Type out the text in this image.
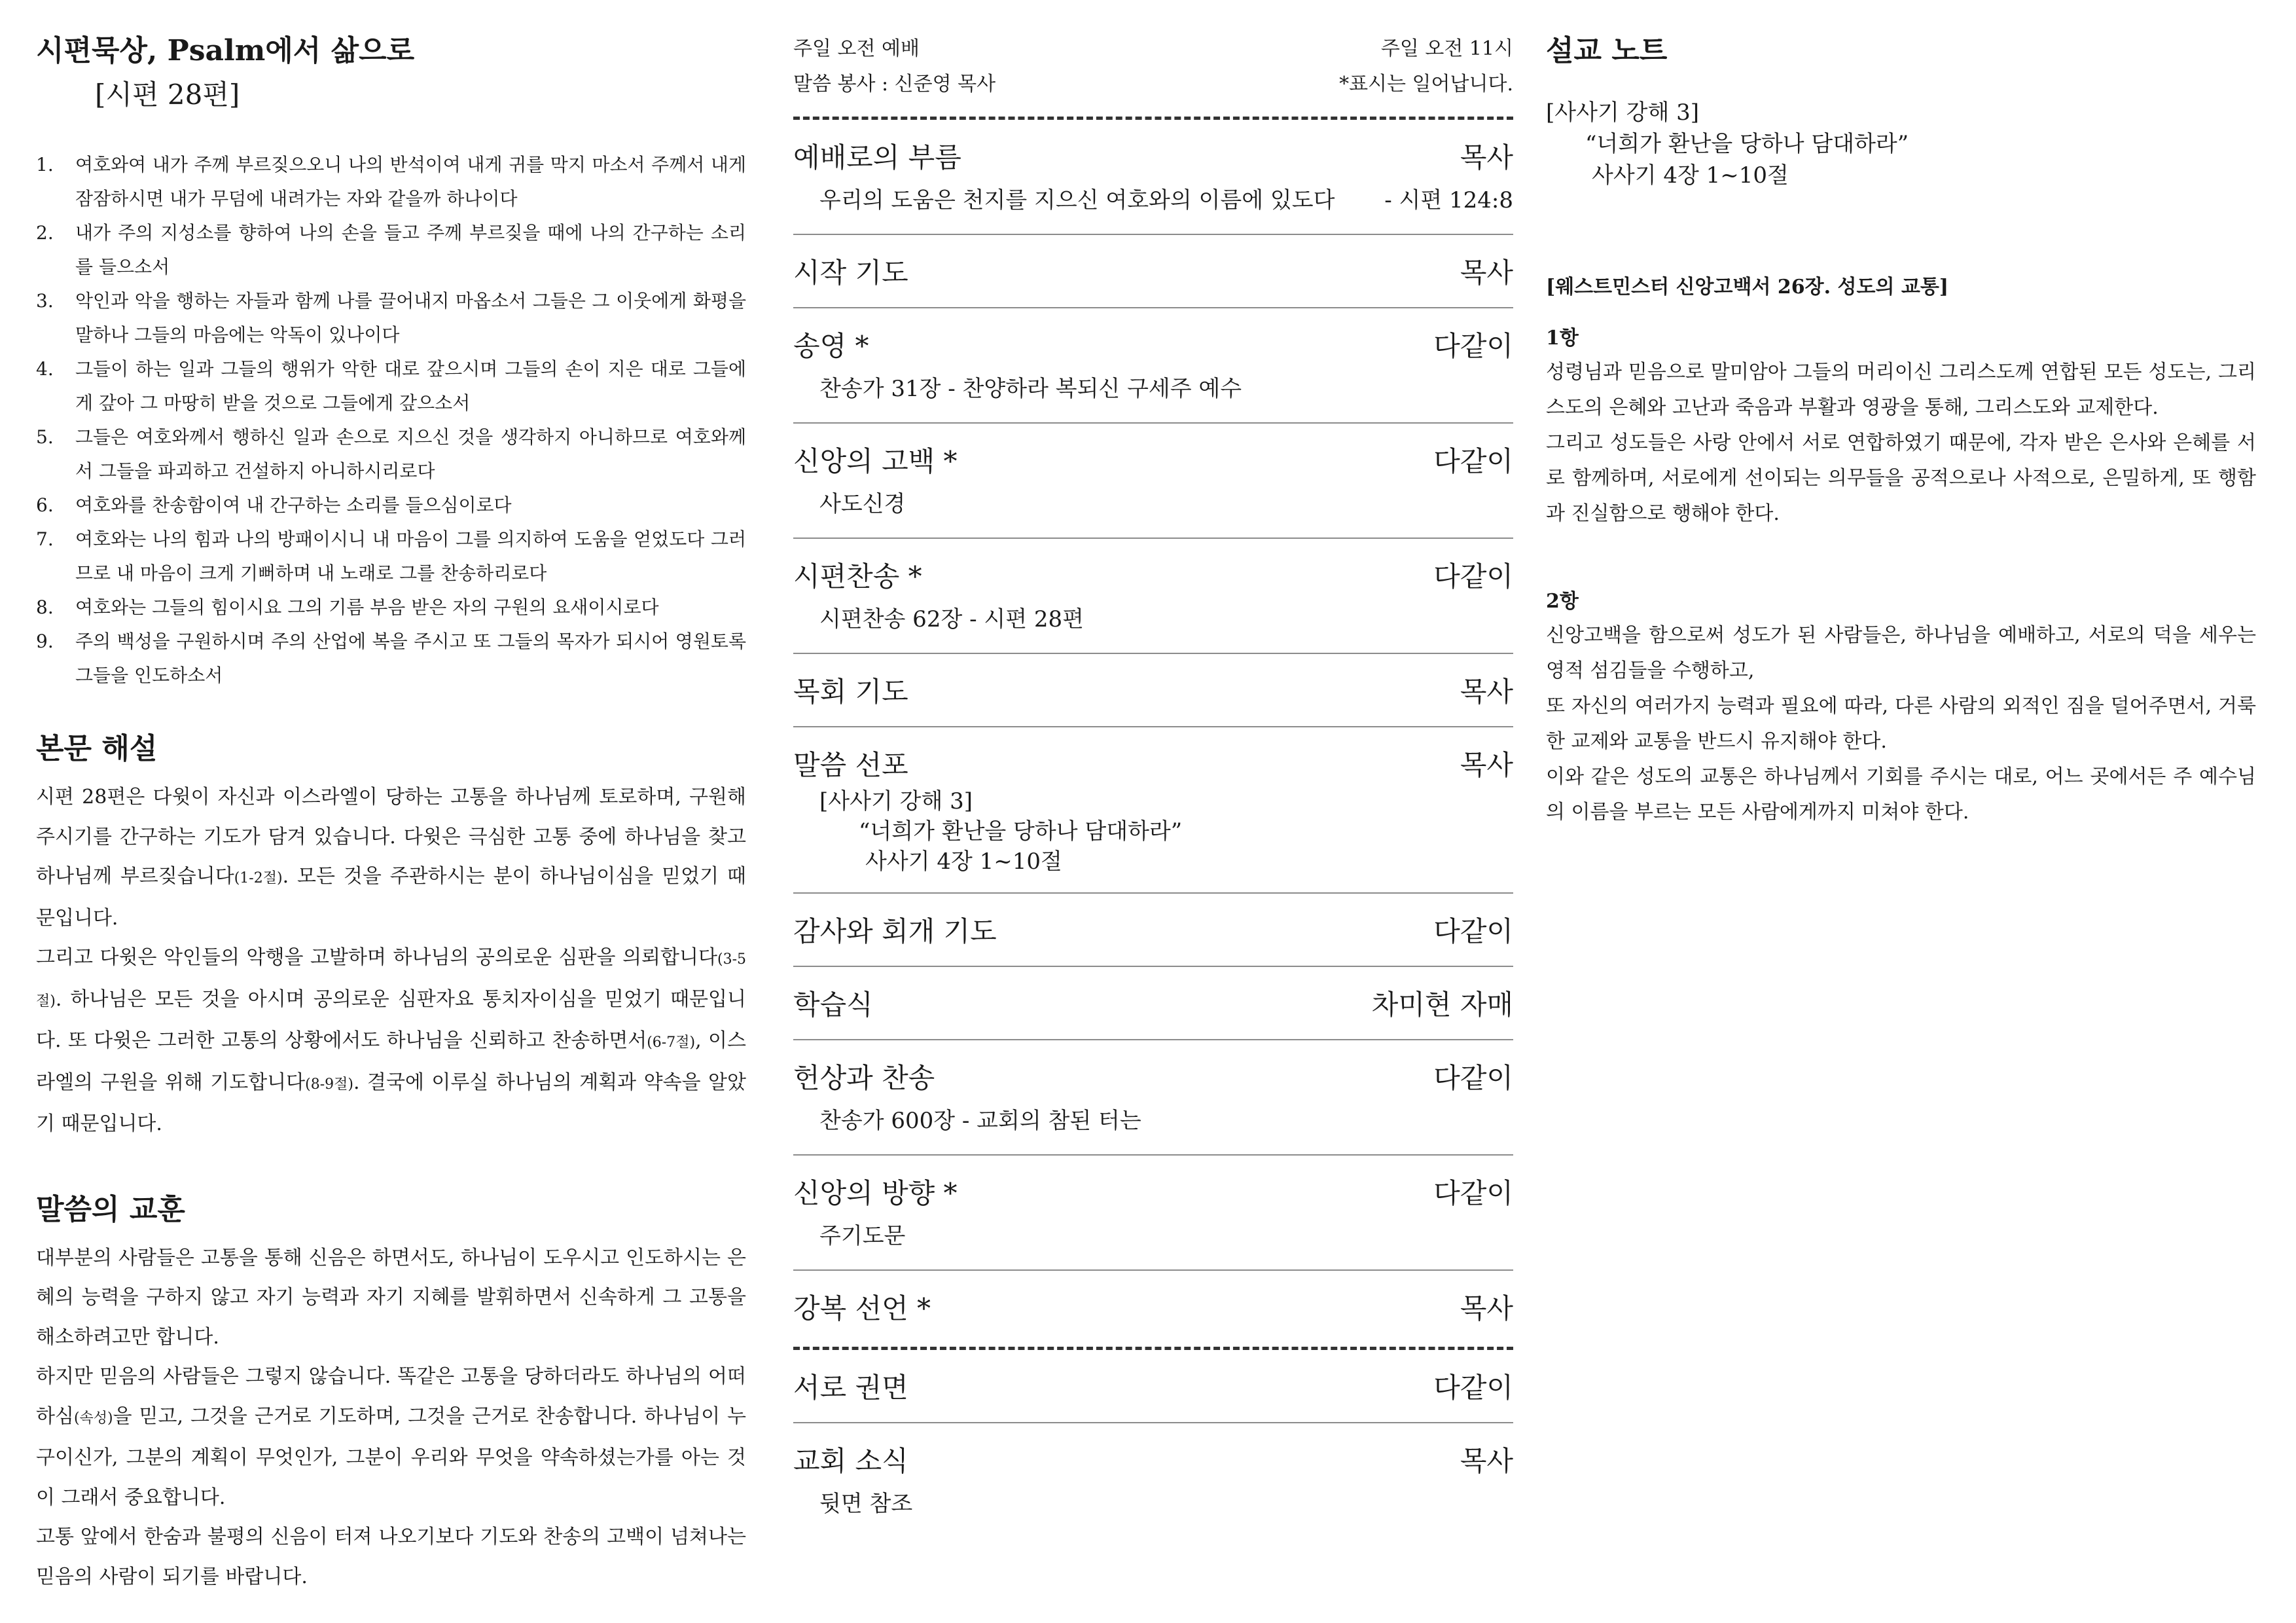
시편묵상, Psalm에서 삶으로
[시편 28편]
1. 여호와여 내가 주께 부르짖으오니 나의 반석이여 내게 귀를 막지 마소서 주께서 내게 잠잠하시면 내가 무덤에 내려가는 자와 같을까 하나이다
2. 내가 주의 지성소를 향하여 나의 손을 들고 주께 부르짖을 때에 나의 간구하는 소리를 들으소서
3. 악인과 악을 행하는 자들과 함께 나를 끌어내지 마옵소서 그들은 그 이웃에게 화평을 말하나 그들의 마음에는 악독이 있나이다
4. 그들이 하는 일과 그들의 행위가 악한 대로 갚으시며 그들의 손이 지은 대로 그들에게 갚아 그 마땅히 받을 것으로 그들에게 갚으소서
5. 그들은 여호와께서 행하신 일과 손으로 지으신 것을 생각하지 아니하므로 여호와께서 그들을 파괴하고 건설하지 아니하시리로다
6. 여호와를 찬송함이여 내 간구하는 소리를 들으심이로다
7. 여호와는 나의 힘과 나의 방패이시니 내 마음이 그를 의지하여 도움을 얻었도다 그러므로 내 마음이 크게 기뻐하며 내 노래로 그를 찬송하리로다
8. 여호와는 그들의 힘이시요 그의 기름 부음 받은 자의 구원의 요새이시로다
9. 주의 백성을 구원하시며 주의 산업에 복을 주시고 또 그들의 목자가 되시어 영원토록 그들을 인도하소서
본문 해설

시편 28편은 다윗이 자신과 이스라엘이 당하는 고통을 하나님께 토로하며, 구원해 주시기를 간구하는 기도가 담겨 있습니다. 다윗은 극심한 고통 중에 하나님을 찾고 하나님께 부르짖습니다(1-2절). 모든 것을 주관하시는 분이 하나님이심을 믿었기 때문입니다.

그리고 다윗은 악인들의 악행을 고발하며 하나님의 공의로운 심판을 의뢰합니다(3-5절). 하나님은 모든 것을 아시며 공의로운 심판자요 통치자이심을 믿었기 때문입니다. 또 다윗은 그러한 고통의 상황에서도 하나님을 신뢰하고 찬송하면서(6-7절), 이스라엘의 구원을 위해 기도합니다(8-9절). 결국에 이루실 하나님의 계획과 약속을 알았기 때문입니다.

말씀의 교훈

대부분의 사람들은 고통을 통해 신음은 하면서도, 하나님이 도우시고 인도하시는 은혜의 능력을 구하지 않고 자기 능력과 자기 지혜를 발휘하면서 신속하게 그 고통을 해소하려고만 합니다.

하지만 믿음의 사람들은 그렇지 않습니다. 똑같은 고통을 당하더라도 하나님의 어떠하심(속성)을 믿고, 그것을 근거로 기도하며, 그것을 근거로 찬송합니다. 하나님이 누구이신가, 그분의 계획이 무엇인가, 그분이 우리와 무엇을 약속하셨는가를 아는 것이 그래서 중요합니다.

고통 앞에서 한숨과 불평의 신음이 터져 나오기보다 기도와 찬송의 고백이 넘쳐나는 믿음의 사람이 되기를 바랍니다.

주일 오전 예배	주일 오전 11시
말씀 봉사 : 신준영 목사	*표시는 일어납니다.
예배로의 부름	목사
우리의 도움은 천지를 지으신 여호와의 이름에 있도다 - 시편 124:8
시작 기도	목사
송영 *	다같이
찬송가 31장 - 찬양하라 복되신 구세주 예수
신앙의 고백 *	다같이
사도신경
시편찬송 *	다같이
시편찬송 62장 - 시편 28편
목회 기도	목사
말씀 선포	목사
[사사기 강해 3]
“너희가 환난을 당하나 담대하라”
사사기 4장 1~10절
감사와 회개 기도	다같이
학습식	차미현 자매
헌상과 찬송	다같이
찬송가 600장 - 교회의 참된 터는
신앙의 방향 *	다같이
주기도문
강복 선언 *	목사
서로 권면	다같이
교회 소식	목사
뒷면 참조
설교 노트
[사사기 강해 3]
“너희가 환난을 당하나 담대하라”
사사기 4장 1~10절
[웨스트민스터 신앙고백서 26장. 성도의 교통]
1항

성령님과 믿음으로 말미암아 그들의 머리이신 그리스도께 연합된 모든 성도는, 그리스도의 은혜와 고난과 죽음과 부활과 영광을 통해, 그리스도와 교제한다.

그리고 성도들은 사랑 안에서 서로 연합하였기 때문에, 각자 받은 은사와 은혜를 서로 함께하며, 서로에게 선이되는 의무들을 공적으로나 사적으로, 은밀하게, 또 행함과 진실함으로 행해야 한다.

2항

신앙고백을 함으로써 성도가 된 사람들은, 하나님을 예배하고, 서로의 덕을 세우는 영적 섬김들을 수행하고,

또 자신의 여러가지 능력과 필요에 따라, 다른 사람의 외적인 짐을 덜어주면서, 거룩한 교제와 교통을 반드시 유지해야 한다.

이와 같은 성도의 교통은 하나님께서 기회를 주시는 대로, 어느 곳에서든 주 예수님의 이름을 부르는 모든 사람에게까지 미쳐야 한다.
